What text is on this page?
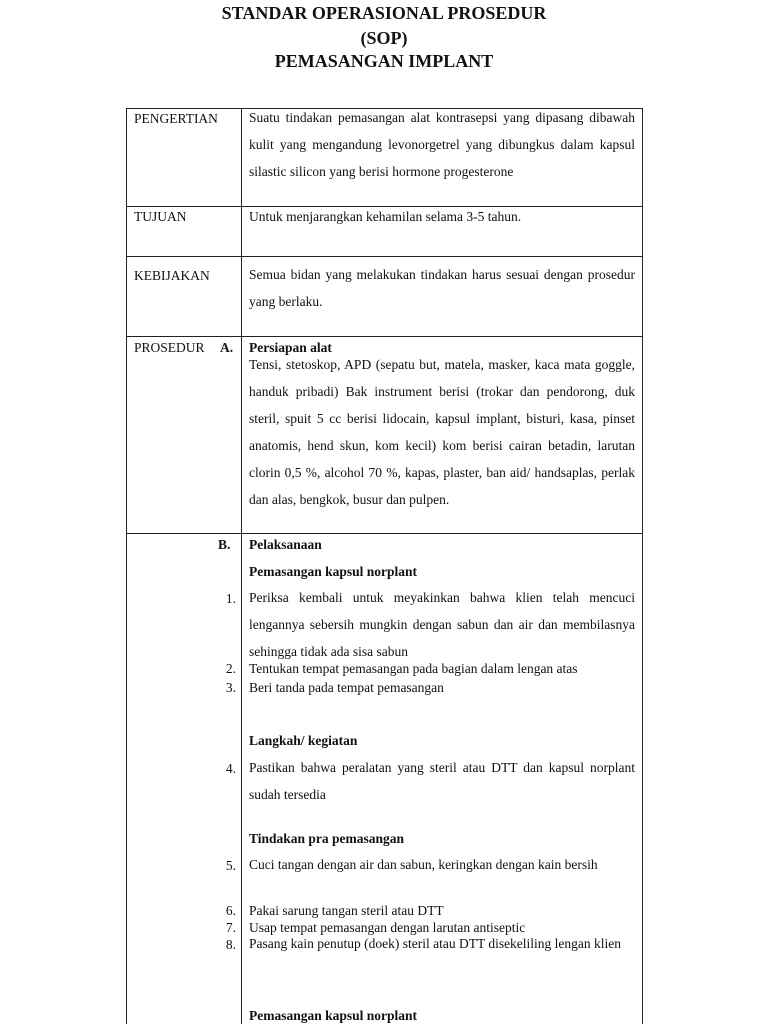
STANDAR OPERASIONAL PROSEDUR
(SOP)
PEMASANGAN IMPLANT
PENGERTIAN Suatu tindakan pemasangan alat kontrasepsi yang dipasang dibawah kulit yang mengandung levonorgetrel yang dibungkus dalam kapsul silastic silicon yang berisi hormone progesterone
TUJUAN	Untuk menjarangkan kehamilan selama 3-5 tahun.
KEBIJAKAN	Semua bidan yang melakukan tindakan harus sesuai dengan prosedur yang berlaku.
PROSEDUR A. Persiapan alat
Tensi, stetoskop, APD (sepatu but, matela, masker, kaca mata goggle, handuk pribadi) Bak instrument berisi (trokar dan pendorong, duk steril, spuit 5 cc berisi lidocain, kapsul implant, bisturi, kasa, pinset anatomis, hend skun, kom kecil) kom berisi cairan betadin, larutan clorin 0,5 %, alcohol 70 %, kapas, plaster, ban aid/ handsaplas, perlak dan alas, bengkok, busur dan pulpen.
B. Pelaksanaan
Pemasangan kapsul norplant
1. Periksa kembali untuk meyakinkan bahwa klien telah mencuci lengannya sebersih mungkin dengan sabun dan air dan membilasnya sehingga tidak ada sisa sabun
2. Tentukan tempat pemasangan pada bagian dalam lengan atas
3. Beri tanda pada tempat pemasangan
Langkah/ kegiatan
4. Pastikan bahwa peralatan yang steril atau DTT dan kapsul norplant sudah tersedia
Tindakan pra pemasangan
5. Cuci tangan dengan air dan sabun, keringkan dengan kain bersih
6. Pakai sarung tangan steril atau DTT
7. Usap tempat pemasangan dengan larutan antiseptic
8. Pasang kain penutup (doek) steril atau DTT disekeliling lengan klien
Pemasangan kapsul norplant
